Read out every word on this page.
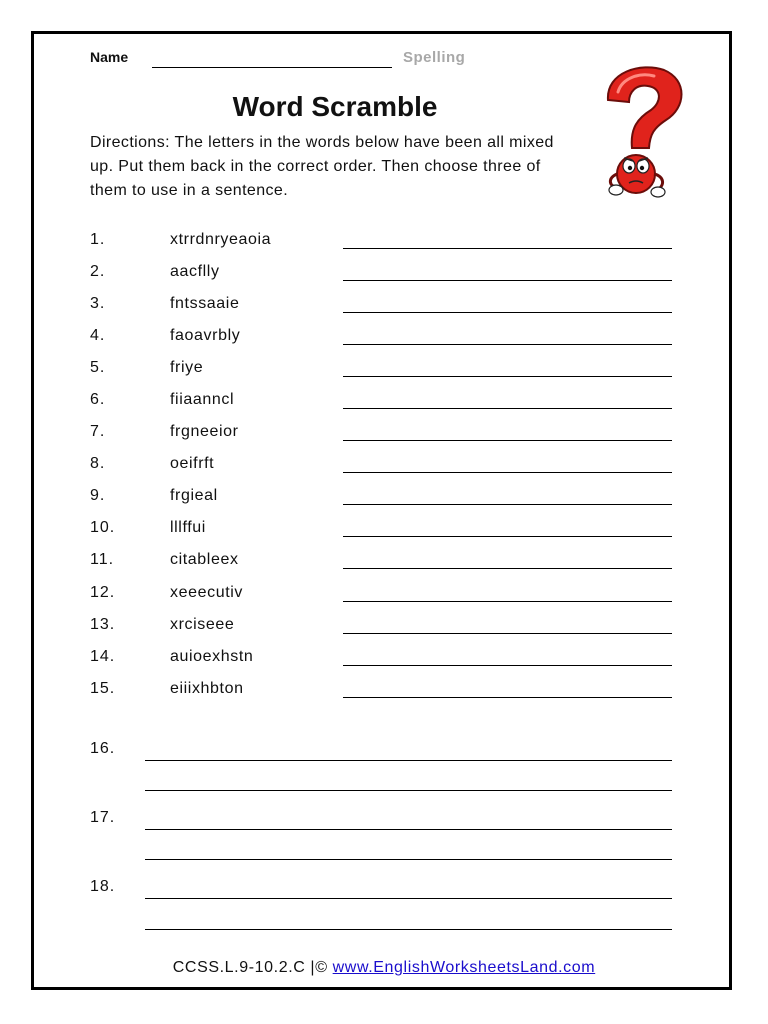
Name	Spelling
Word Scramble
Directions: The letters in the words below have been all mixed up. Put them back in the correct order. Then choose three of them to use in a sentence.
1.	xtrrdnryeaoia
2.	aacflly
3.	fntssaaie
4.	faoavrbly
5.	friye
6.	fiiaanncl
7.	frgneeior
8.	oeifrft
9.	frgieal
10.	lllffui
11.	citableex
12.	xeeecutiv
13.	xrciseee
14.	auioexhstn
15.	eiiixhbton
16.
17.
18.
CCSS.L.9-10.2.C |© www.EnglishWorksheetsLand.com
